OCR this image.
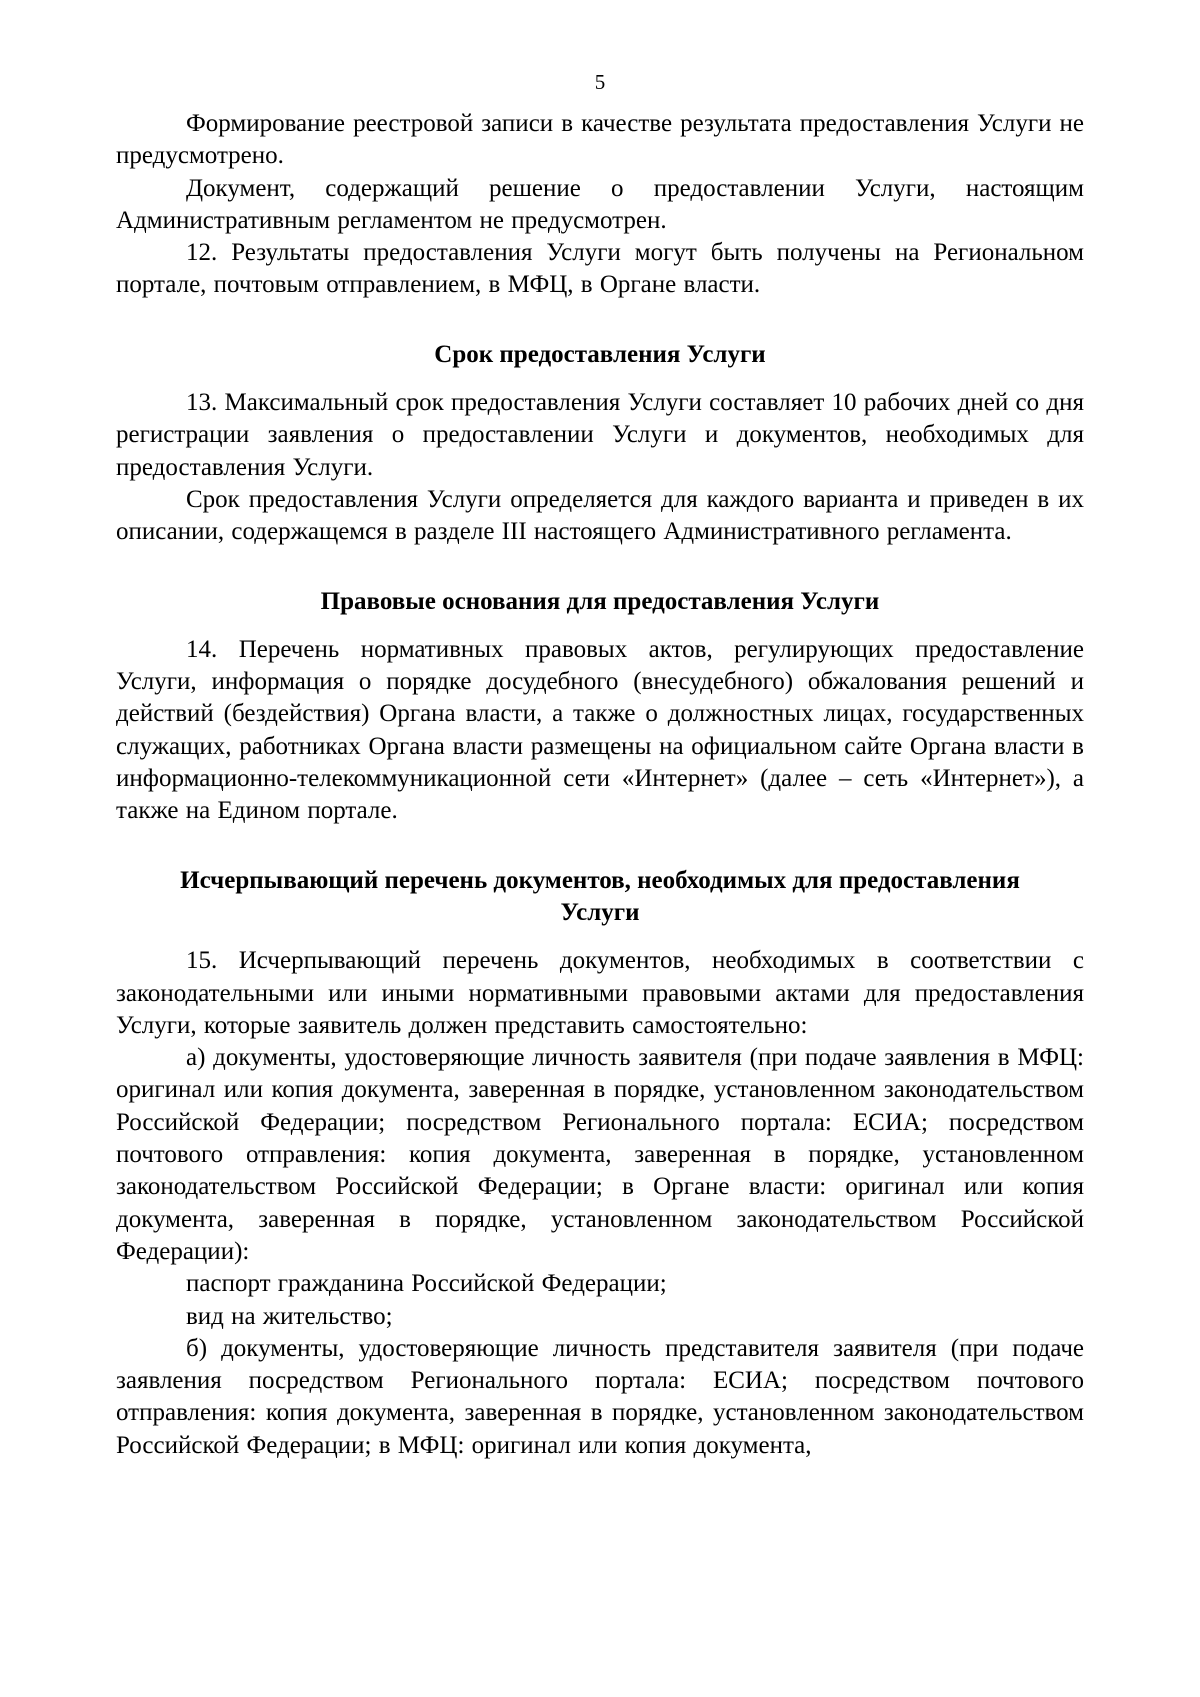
5

Формирование реестровой записи в качестве результата предоставления Услуги не предусмотрено.

Документ, содержащий решение о предоставлении Услуги, настоящим Административным регламентом не предусмотрен.

12. Результаты предоставления Услуги могут быть получены на Региональном портале, почтовым отправлением, в МФЦ, в Органе власти.

Срок предоставления Услуги

13. Максимальный срок предоставления Услуги составляет 10 рабочих дней со дня регистрации заявления о предоставлении Услуги и документов, необходимых для предоставления Услуги.

Срок предоставления Услуги определяется для каждого варианта и приведен в их описании, содержащемся в разделе III настоящего Административного регламента.

Правовые основания для предоставления Услуги

14. Перечень нормативных правовых актов, регулирующих предоставление Услуги, информация о порядке досудебного (внесудебного) обжалования решений и действий (бездействия) Органа власти, а также о должностных лицах, государственных служащих, работниках Органа власти размещены на официальном сайте Органа власти в информационно-телекоммуникационной сети «Интернет» (далее – сеть «Интернет»), а также на Едином портале.

Исчерпывающий перечень документов, необходимых для предоставления
Услуги

15. Исчерпывающий перечень документов, необходимых в соответствии с законодательными или иными нормативными правовыми актами для предоставления Услуги, которые заявитель должен представить самостоятельно:

а) документы, удостоверяющие личность заявителя (при подаче заявления в МФЦ: оригинал или копия документа, заверенная в порядке, установленном законодательством Российской Федерации; посредством Регионального портала: ЕСИА; посредством почтового отправления: копия документа, заверенная в порядке, установленном законодательством Российской Федерации; в Органе власти: оригинал или копия документа, заверенная в порядке, установленном законодательством Российской Федерации):

паспорт гражданина Российской Федерации;

вид на жительство;

б) документы, удостоверяющие личность представителя заявителя (при подаче заявления посредством Регионального портала: ЕСИА; посредством почтового отправления: копия документа, заверенная в порядке, установленном законодательством Российской Федерации; в МФЦ: оригинал или копия документа,
